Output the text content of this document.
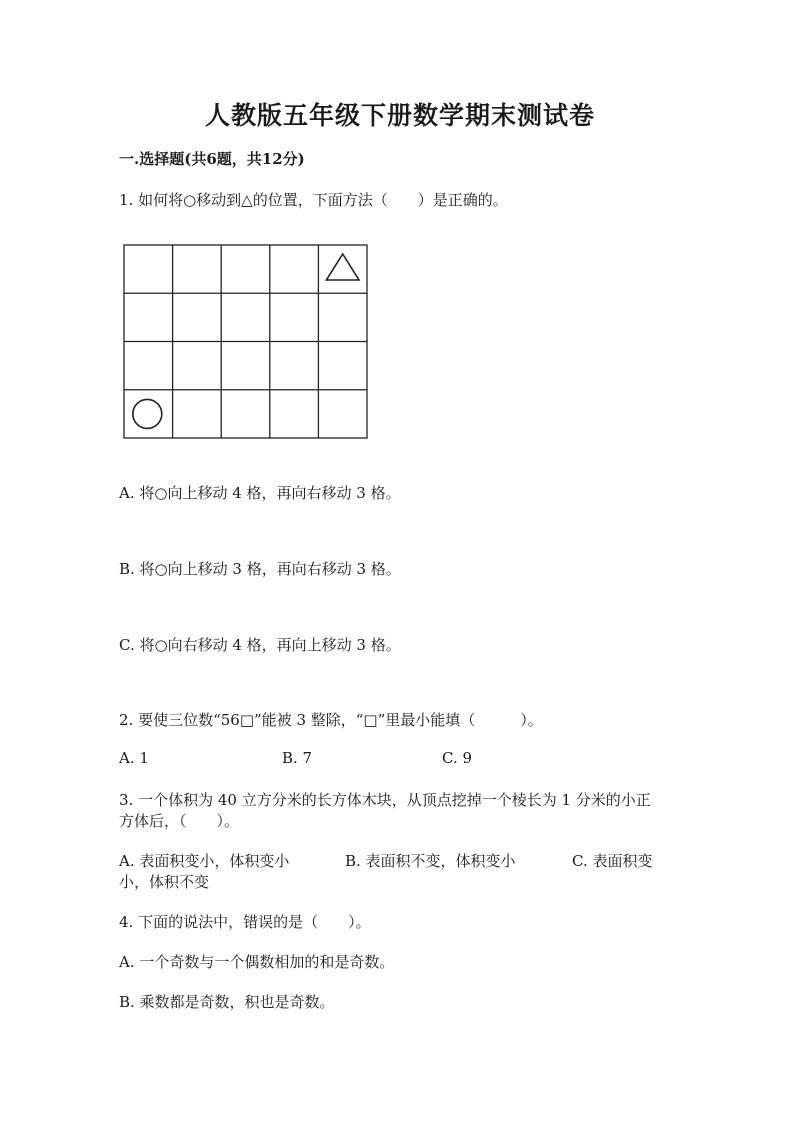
人教版五年级下册数学期末测试卷
一.选择题(共6题，共12分)
1. 如何将○移动到△的位置，下面方法（　　）是正确的。
A. 将○向上移动 4 格，再向右移动 3 格。
B. 将○向上移动 3 格，再向右移动 3 格。
C. 将○向右移动 4 格，再向上移动 3 格。
2. 要使三位数“56□”能被 3 整除，“□”里最小能填（　　　）。
A. 1	B. 7	C. 9
3. 一个体积为 40 立方分米的长方体木块，从顶点挖掉一个棱长为 1 分米的小正
方体后，（　　）。
A. 表面积变小，体积变小	B. 表面积不变，体积变小	C. 表面积变
小，体积不变
4. 下面的说法中，错误的是（　　）。
A. 一个奇数与一个偶数相加的和是奇数。
B. 乘数都是奇数，积也是奇数。
